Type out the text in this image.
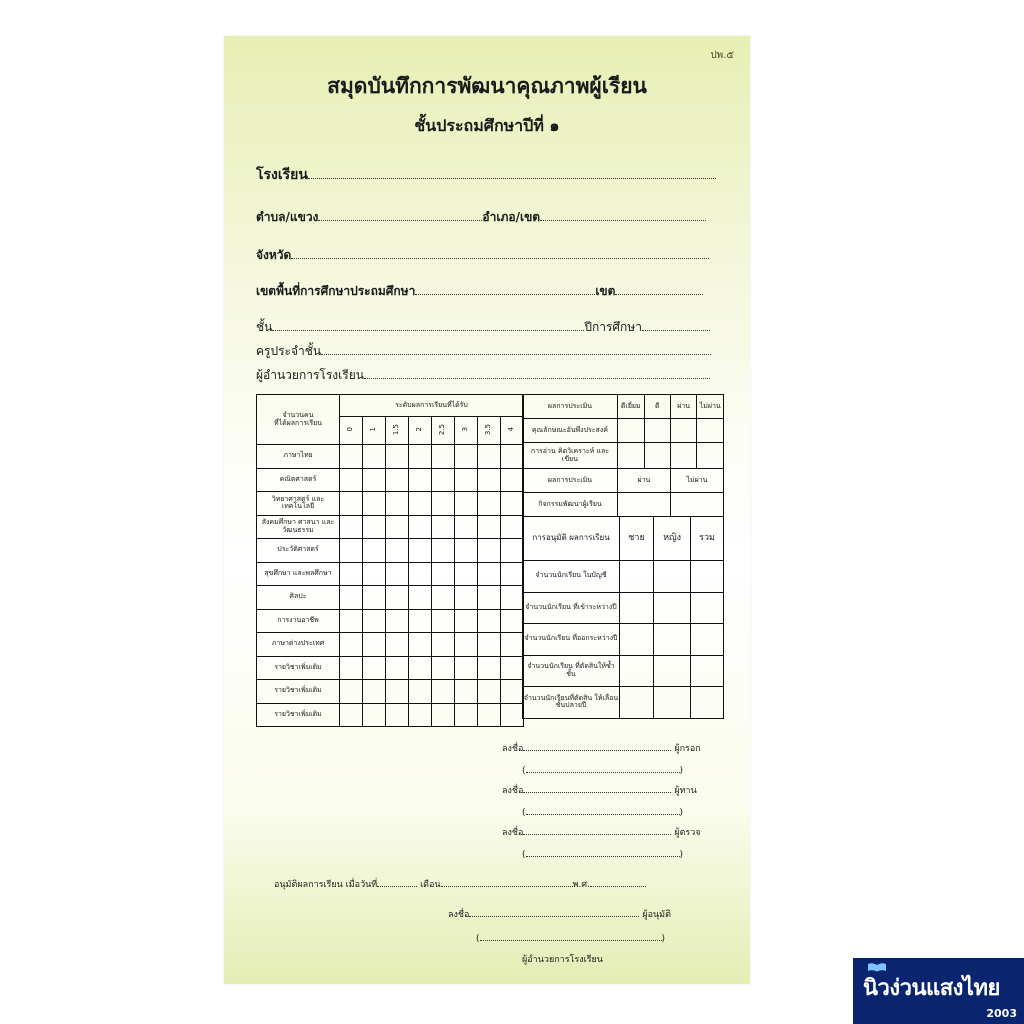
ปพ.๕
สมุดบันทึกการพัฒนาคุณภาพผู้เรียน
ชั้นประถมศึกษาปีที่ ๑
โรงเรียน
ตำบล/แขวง	อำเภอ/เขต
จังหวัด
เขตพื้นที่การศึกษาประถมศึกษา	เขต
ชั้น	ปีการศึกษา
ครูประจำชั้น
ผู้อำนวยการโรงเรียน
จำนวนคน
ที่ได้ผลการเรียน	ระดับผลการเรียนที่ได้รับ							
	0	1	1.5	2	2.5	3	3.5	4
ภาษาไทย								
คณิตศาสตร์								
วิทยาศาสตร์ และเทคโนโลยี								
สังคมศึกษา ศาสนา และวัฒนธรรม								
ประวัติศาสตร์								
สุขศึกษา และพลศึกษา								
ศิลปะ								
การงานอาชีพ								
ภาษาต่างประเทศ								
รายวิชาเพิ่มเติม								
รายวิชาเพิ่มเติม								
รายวิชาเพิ่มเติม								
ผลการประเมิน	ดีเยี่ยม	ดี	ผ่าน	ไม่ผ่าน
คุณลักษณะอันพึงประสงค์				
การอ่าน คิดวิเคราะห์ และเขียน				
ผลการประเมิน	ผ่าน		ไม่ผ่าน	
กิจกรรมพัฒนาผู้เรียน				
การอนุมัติ ผลการเรียน	ชาย	หญิง	รวม
จำนวนนักเรียน ในบัญชี			
จำนวนนักเรียน ที่เข้าระหว่างปี			
จำนวนนักเรียน ที่ออกระหว่างปี			
จำนวนนักเรียน ที่ตัดสินให้ซ้ำชั้น			
จำนวนนักเรียนที่ตัดสิน ให้เลื่อนชั้นปลายปี			
ลงชื่อ	ผู้กรอก
(	)
ลงชื่อ	ผู้ทาน
(	)
ลงชื่อ	ผู้ตรวจ
(	)
อนุมัติผลการเรียน เมื่อวันที่	เดือน	พ.ศ.
ลงชื่อ	ผู้อนุมัติ
(	)
ผู้อำนวยการโรงเรียน
นิวง่วนแสงไทย
2003
